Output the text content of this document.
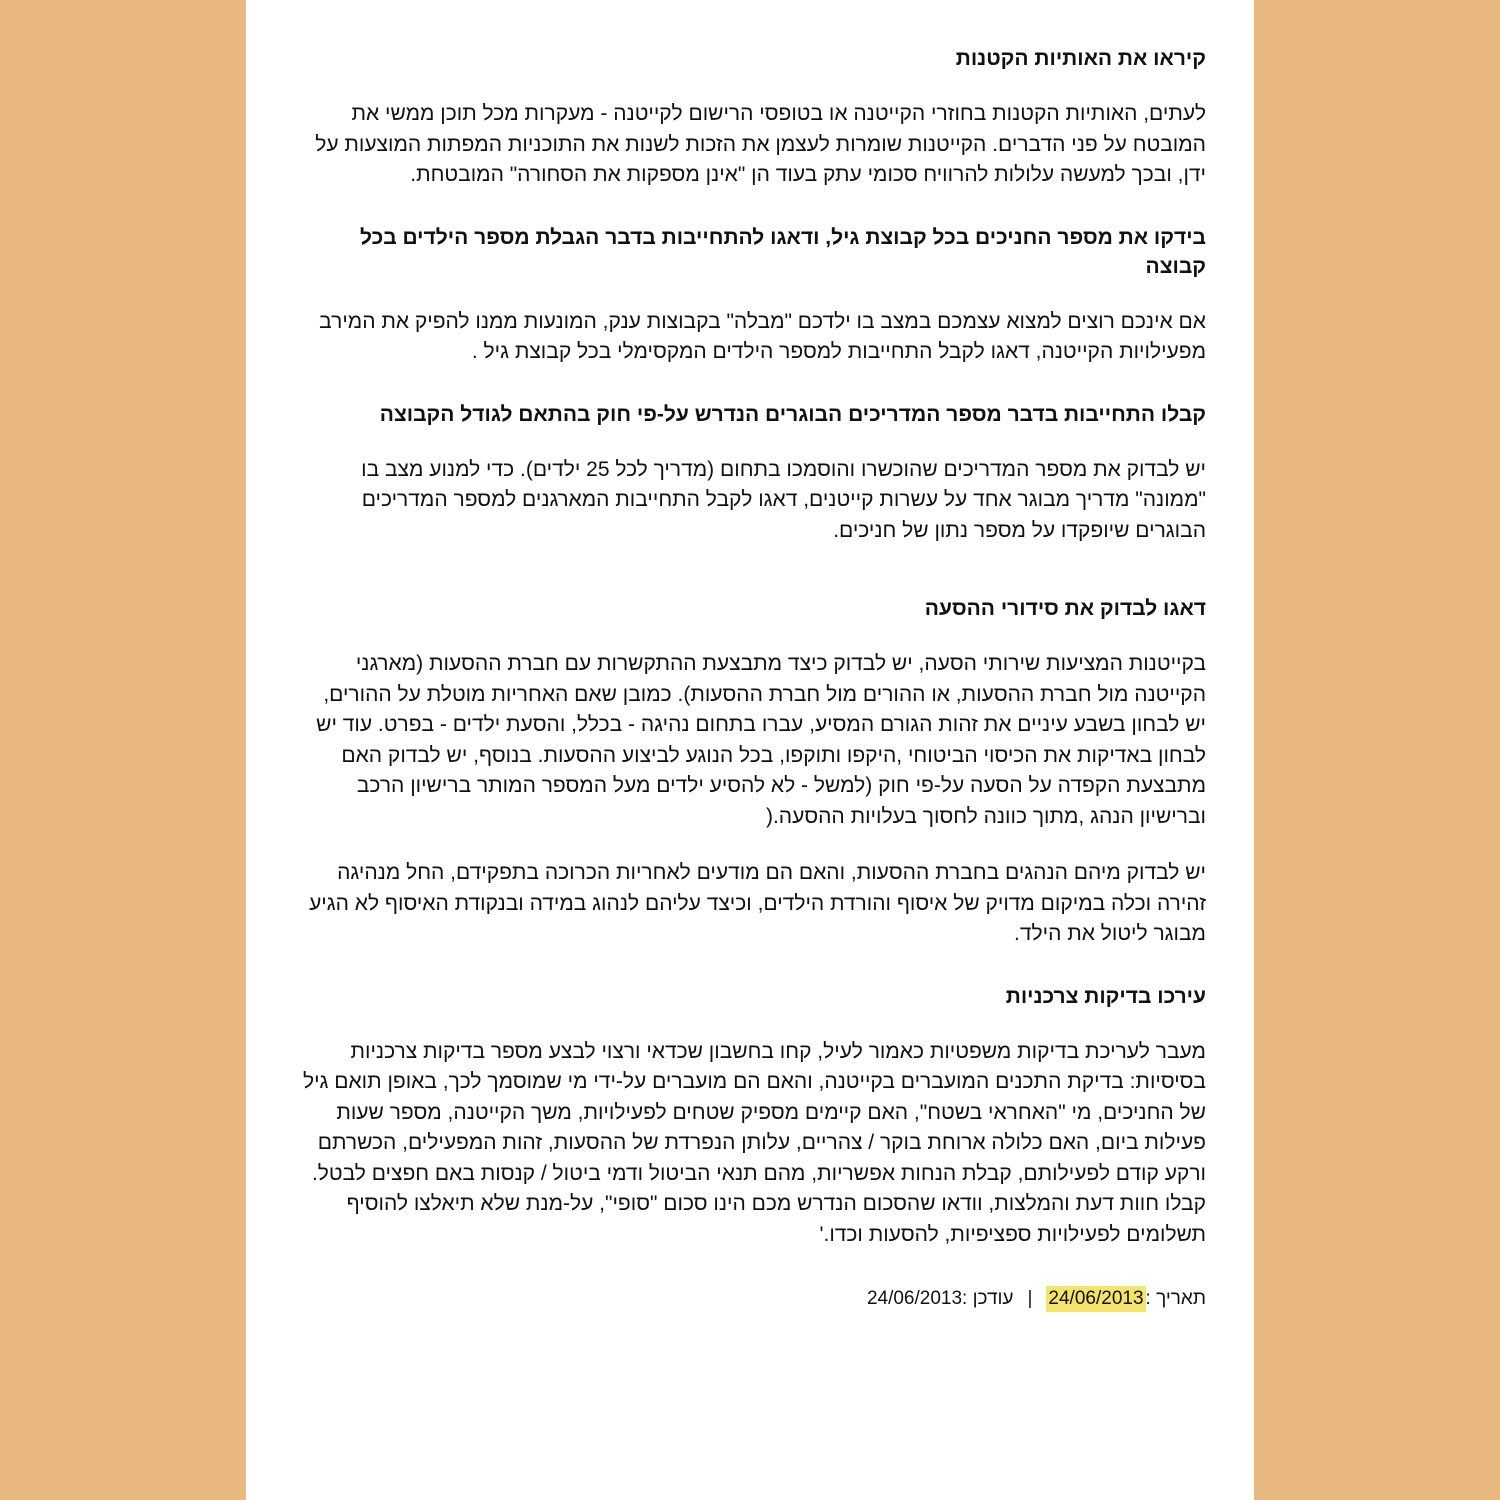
קיראו את האותיות הקטנות

לעתים, האותיות הקטנות בחוזרי הקייטנה או בטופסי הרישום לקייטנה - מעקרות מכל תוכן ממשי את המובטח על פני הדברים. הקייטנות שומרות לעצמן את הזכות לשנות את התוכניות המפתות המוצעות על ידן, ובכך למעשה עלולות להרוויח סכומי עתק בעוד הן "אינן מספקות את הסחורה" המובטחת.

בידקו את מספר החניכים בכל קבוצת גיל, ודאגו להתחייבות בדבר הגבלת מספר הילדים בכל קבוצה

אם אינכם רוצים למצוא עצמכם במצב בו ילדכם "מבלה" בקבוצות ענק, המונעות ממנו להפיק את המירב מפעילויות הקייטנה, דאגו לקבל התחייבות למספר הילדים המקסימלי בכל קבוצת גיל .

קבלו התחייבות בדבר מספר המדריכים הבוגרים הנדרש על-פי חוק בהתאם לגודל הקבוצה

יש לבדוק את מספר המדריכים שהוכשרו והוסמכו בתחום (מדריך לכל 25 ילדים). כדי למנוע מצב בו "ממונה" מדריך מבוגר אחד על עשרות קייטנים, דאגו לקבל התחייבות המארגנים למספר המדריכים הבוגרים שיופקדו על מספר נתון של חניכים.

דאגו לבדוק את סידורי ההסעה

בקייטנות המציעות שירותי הסעה, יש לבדוק כיצד מתבצעת ההתקשרות עם חברת ההסעות (מארגני הקייטנה מול חברת ההסעות, או ההורים מול חברת ההסעות). כמובן שאם האחריות מוטלת על ההורים, יש לבחון בשבע עיניים את זהות הגורם המסיע, עברו בתחום נהיגה - בכלל, והסעת ילדים - בפרט. עוד יש לבחון באדיקות את הכיסוי הביטוחי ,היקפו ותוקפו, בכל הנוגע לביצוע ההסעות. בנוסף, יש לבדוק האם מתבצעת הקפדה על הסעה על-פי חוק (למשל - לא להסיע ילדים מעל המספר המותר ברישיון הרכב וברישיון הנהג ,מתוך כוונה לחסוך בעלויות ההסעה.(

יש לבדוק מיהם הנהגים בחברת ההסעות, והאם הם מודעים לאחריות הכרוכה בתפקידם, החל מנהיגה זהירה וכלה במיקום מדויק של איסוף והורדת הילדים, וכיצד עליהם לנהוג במידה ובנקודת האיסוף לא הגיע מבוגר ליטול את הילד.

עירכו בדיקות צרכניות

מעבר לעריכת בדיקות משפטיות כאמור לעיל, קחו בחשבון שכדאי ורצוי לבצע מספר בדיקות צרכניות בסיסיות: בדיקת התכנים המועברים בקייטנה, והאם הם מועברים על-ידי מי שמוסמך לכך, באופן תואם גיל של החניכים, מי "האחראי בשטח", האם קיימים מספיק שטחים לפעילויות, משך הקייטנה, מספר שעות פעילות ביום, האם כלולה ארוחת בוקר / צהריים, עלותן הנפרדת של ההסעות, זהות המפעילים, הכשרתם ורקע קודם לפעילותם, קבלת הנחות אפשריות, מהם תנאי הביטול ודמי ביטול / קנסות באם חפצים לבטל. קבלו חוות דעת והמלצות, וודאו שהסכום הנדרש מכם הינו סכום "סופי", על-מנת שלא תיאלצו להוסיף תשלומים לפעילויות ספציפיות, להסעות וכדו.'

תאריך :24/06/2013|עודכן :24/06/2013
